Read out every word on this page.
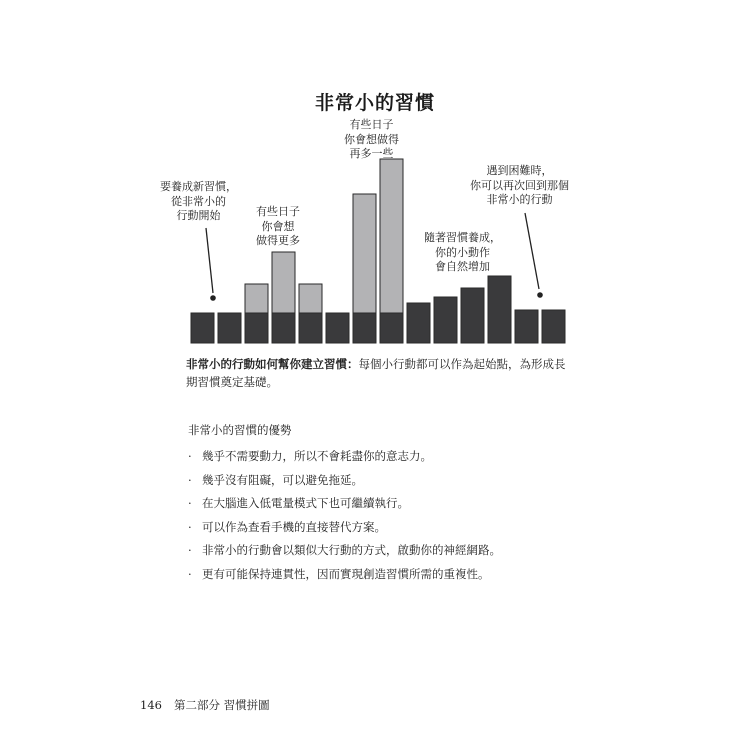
非常小的習慣
要養成新習慣，
從非常小的
行動開始	有些日子
你會想
做得更多
有些日子
你會想做得
再多一些
隨著習慣養成，
你的小動作
會自然增加
遇到困難時，
你可以再次回到那個
非常小的行動
非常小的行動如何幫你建立習慣：每個小行動都可以作為起始點，為形成長期習慣奠定基礎。
非常小的習慣的優勢
· 幾乎不需要動力，所以不會耗盡你的意志力。
· 幾乎沒有阻礙，可以避免拖延。
· 在大腦進入低電量模式下也可繼續執行。
· 可以作為查看手機的直接替代方案。
· 非常小的行動會以類似大行動的方式，啟動你的神經網路。
· 更有可能保持連貫性，因而實現創造習慣所需的重複性。
146 第二部分 習慣拼圖
